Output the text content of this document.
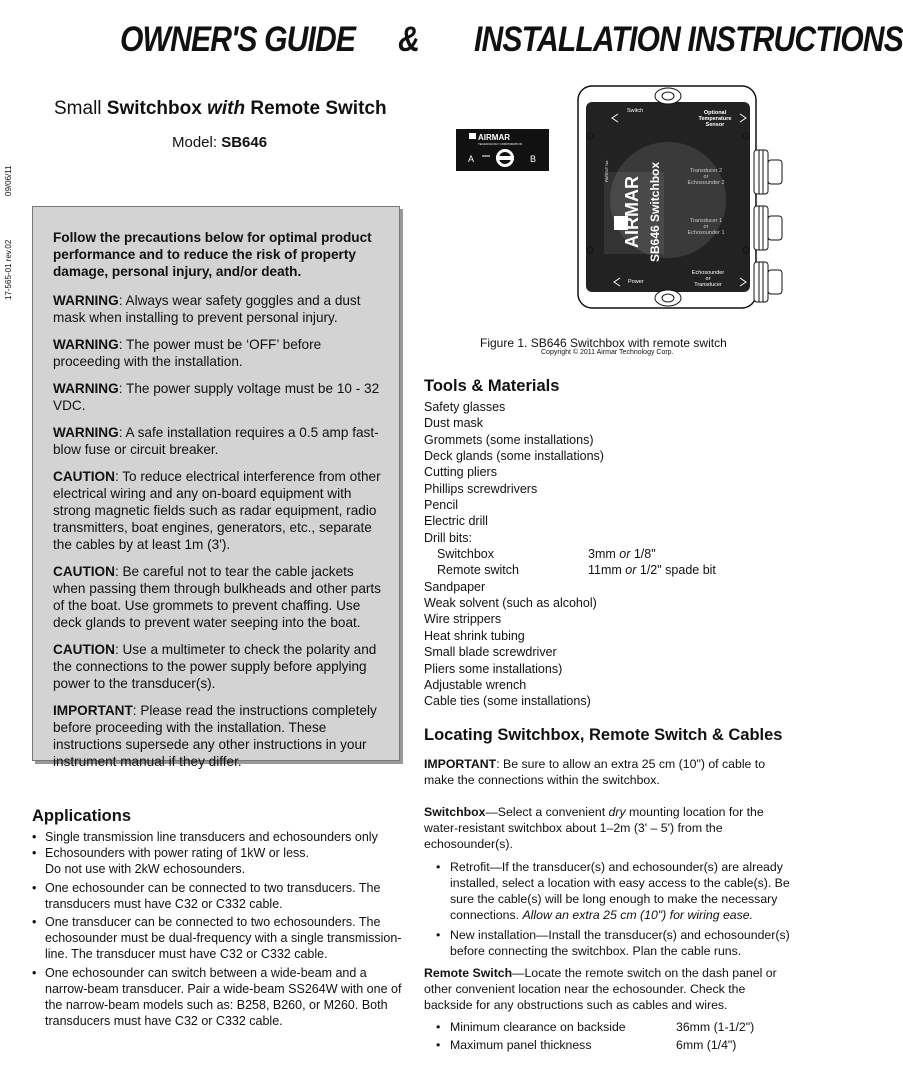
OWNER'S GUIDE & INSTALLATION INSTRUCTIONS
Small Switchbox with Remote Switch
Model: SB646
09/06/11
17-565-01 rev.02
AIRMAR
TECHNOLOGY CORPORATION
A	B
Switch	Optional
Temperature
Sensor
Transducer 2
or
Echosounder 2
Transducer 1
or
Echosounder 1
Power
Echosounder
or
Transducer
AIRMAR SB646 Switchbox
PATENT No.
Figure 1. SB646 Switchbox with remote switch
Copyright © 2011 Airmar Technology Corp.

Follow the precautions below for optimal product performance and to reduce the risk of property damage, personal injury, and/or death.

WARNING: Always wear safety goggles and a dust mask when installing to prevent personal injury.

WARNING: The power must be ‘OFF’ before proceeding with the installation.

WARNING: The power supply voltage must be 10 - 32 VDC.

WARNING: A safe installation requires a 0.5 amp fast-blow fuse or circuit breaker.

CAUTION: To reduce electrical interference from other electrical wiring and any on-board equipment with strong magnetic fields such as radar equipment, radio transmitters, boat engines, generators, etc., separate the cables by at least 1m (3').

CAUTION: Be careful not to tear the cable jackets when passing them through bulkheads and other parts of the boat. Use grommets to prevent chaffing. Use deck glands to prevent water seeping into the boat.

CAUTION: Use a multimeter to check the polarity and the connections to the power supply before applying power to the transducer(s).

IMPORTANT: Please read the instructions completely before proceeding with the installation. These instructions supersede any other instructions in your instrument manual if they differ.

Applications
• Single transmission line transducers and echosounders only
• Echosounders with power rating of 1kW or less.
Do not use with 2kW echosounders.
• One echosounder can be connected to two transducers. The transducers must have C32 or C332 cable.
• One transducer can be connected to two echosounders. The echosounder must be dual-frequency with a single transmission-line. The transducer must have C32 or C332 cable.
• One echosounder can switch between a wide-beam and a narrow-beam transducer. Pair a wide-beam SS264W with one of the narrow-beam models such as: B258, B260, or M260. Both transducers must have C32 or C332 cable.
Tools & Materials
Safety glasses
Dust mask
Grommets (some installations)
Deck glands (some installations)
Cutting pliers
Phillips screwdrivers
Pencil
Electric drill
Drill bits:
Switchbox	3mm or 1/8"
Remote switch	11mm or 1/2" spade bit
Sandpaper
Weak solvent (such as alcohol)
Wire strippers
Heat shrink tubing
Small blade screwdriver
Pliers some installations)
Adjustable wrench
Cable ties (some installations)
Locating Switchbox, Remote Switch & Cables

IMPORTANT: Be sure to allow an extra 25 cm (10") of cable to make the connections within the switchbox.

Switchbox—Select a convenient dry mounting location for the water-resistant switchbox about 1–2m (3' – 5') from the echosounder(s).

• Retrofit—If the transducer(s) and echosounder(s) are already installed, select a location with easy access to the cable(s). Be sure the cable(s) will be long enough to make the necessary connections. Allow an extra 25 cm (10") for wiring ease.
• New installation—Install the transducer(s) and echosounder(s) before connecting the switchbox. Plan the cable runs.

Remote Switch—Locate the remote switch on the dash panel or other convenient location near the echosounder. Check the backside for any obstructions such as cables and wires.

• Minimum clearance on backside	36mm (1-1/2")
• Maximum panel thickness	6mm (1/4")
